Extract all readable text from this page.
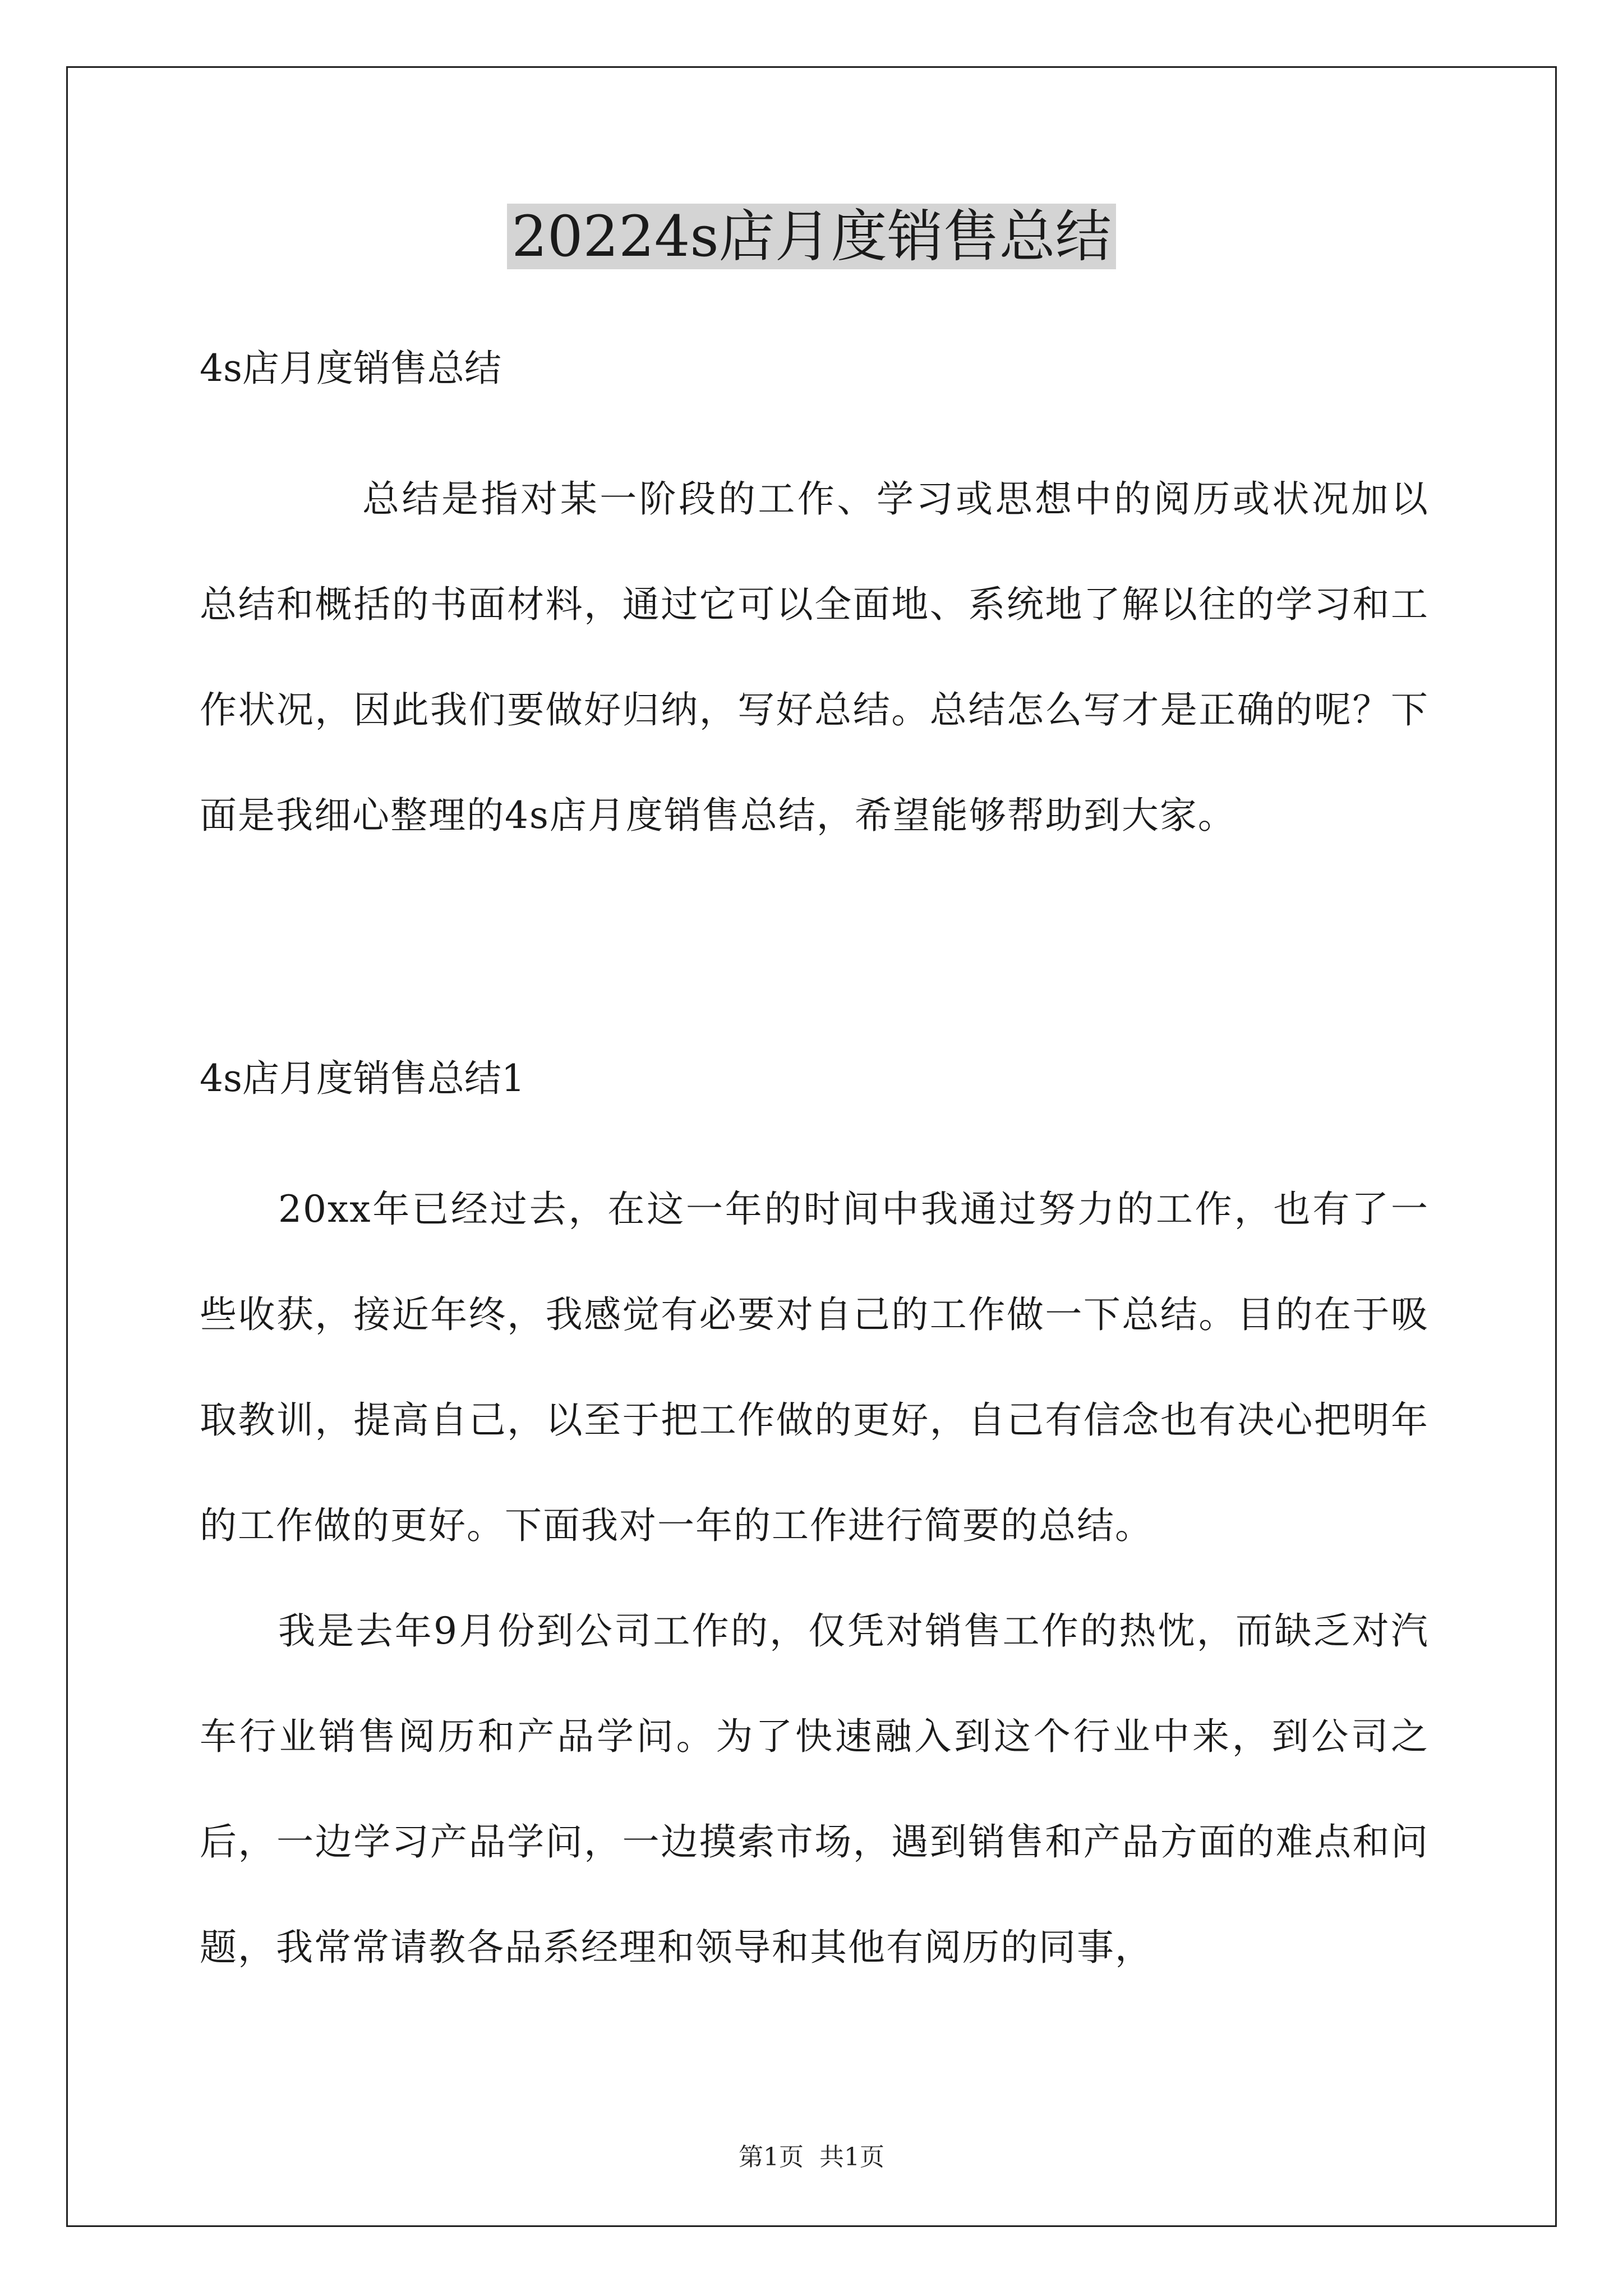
20224s店月度销售总结

4s店月度销售总结

总结是指对某一阶段的工作、学习或思想中的阅历或状况加以总结和概括的书面材料，通过它可以全面地、系统地了解以往的学习和工作状况，因此我们要做好归纳，写好总结。总结怎么写才是正确的呢？下面是我细心整理的4s店月度销售总结，希望能够帮助到大家。

4s店月度销售总结1

20xx年已经过去，在这一年的时间中我通过努力的工作，也有了一些收获，接近年终，我感觉有必要对自己的工作做一下总结。目的在于吸取教训，提高自己，以至于把工作做的更好，自己有信念也有决心把明年的工作做的更好。下面我对一年的工作进行简要的总结。

我是去年9月份到公司工作的，仅凭对销售工作的热忱，而缺乏对汽车行业销售阅历和产品学问。为了快速融入到这个行业中来，到公司之后，一边学习产品学问，一边摸索市场，遇到销售和产品方面的难点和问题，我常常请教各品系经理和领导和其他有阅历的同事，

第1页 共1页
